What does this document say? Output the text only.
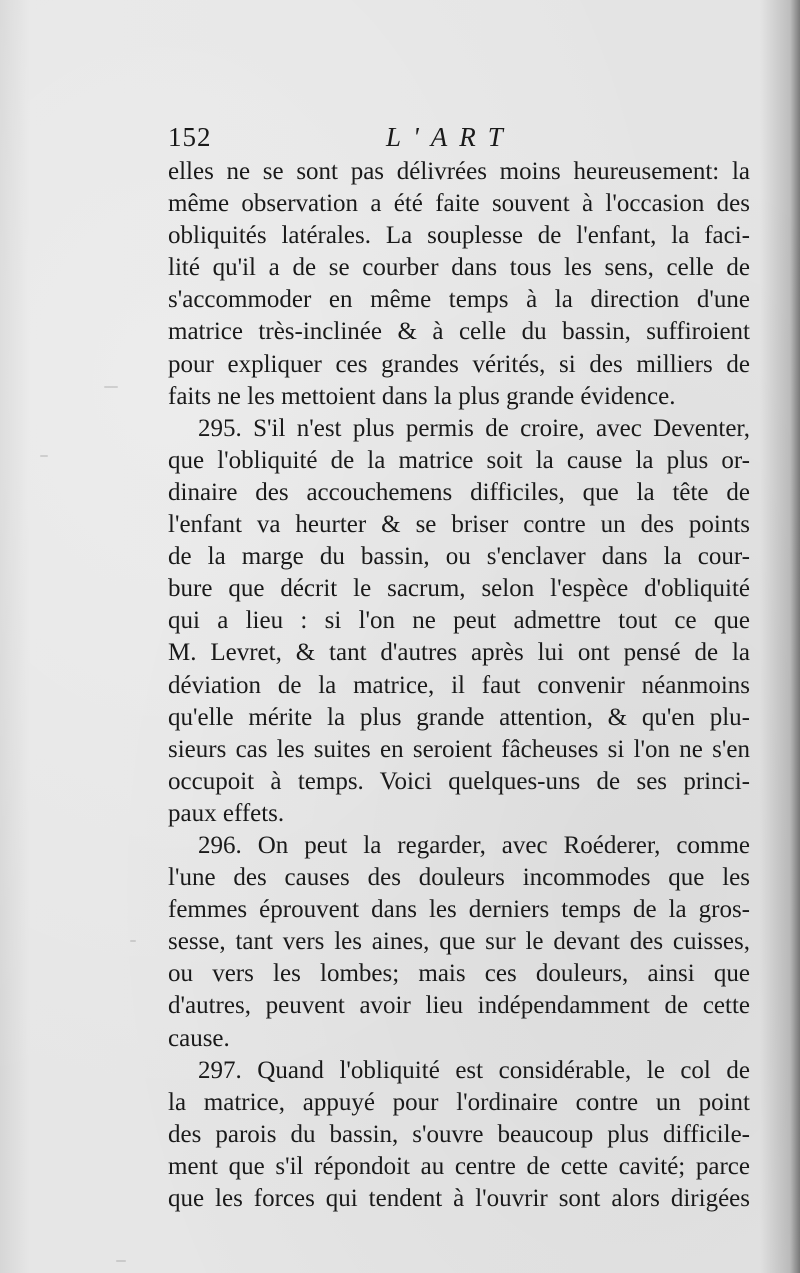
152	L'ART
elles ne se sont pas délivrées moins heureusement: la
même observation a été faite souvent à l'occasion des
obliquités latérales. La souplesse de l'enfant, la faci-
lité qu'il a de se courber dans tous les sens, celle de
s'accommoder en même temps à la direction d'une
matrice très-inclinée & à celle du bassin, suffiroient
pour expliquer ces grandes vérités, si des milliers de
faits ne les mettoient dans la plus grande évidence.
295. S'il n'est plus permis de croire, avec Deventer,
que l'obliquité de la matrice soit la cause la plus or-
dinaire des accouchemens difficiles, que la tête de
l'enfant va heurter & se briser contre un des points
de la marge du bassin, ou s'enclaver dans la cour-
bure que décrit le sacrum, selon l'espèce d'obliquité
qui a lieu : si l'on ne peut admettre tout ce que
M. Levret, & tant d'autres après lui ont pensé de la
déviation de la matrice, il faut convenir néanmoins
qu'elle mérite la plus grande attention, & qu'en plu-
sieurs cas les suites en seroient fâcheuses si l'on ne s'en
occupoit à temps. Voici quelques-uns de ses princi-
paux effets.
296. On peut la regarder, avec Roéderer, comme
l'une des causes des douleurs incommodes que les
femmes éprouvent dans les derniers temps de la gros-
sesse, tant vers les aines, que sur le devant des cuisses,
ou vers les lombes; mais ces douleurs, ainsi que
d'autres, peuvent avoir lieu indépendamment de cette
cause.
297. Quand l'obliquité est considérable, le col de
la matrice, appuyé pour l'ordinaire contre un point
des parois du bassin, s'ouvre beaucoup plus difficile-
ment que s'il répondoit au centre de cette cavité; parce
que les forces qui tendent à l'ouvrir sont alors dirigées
